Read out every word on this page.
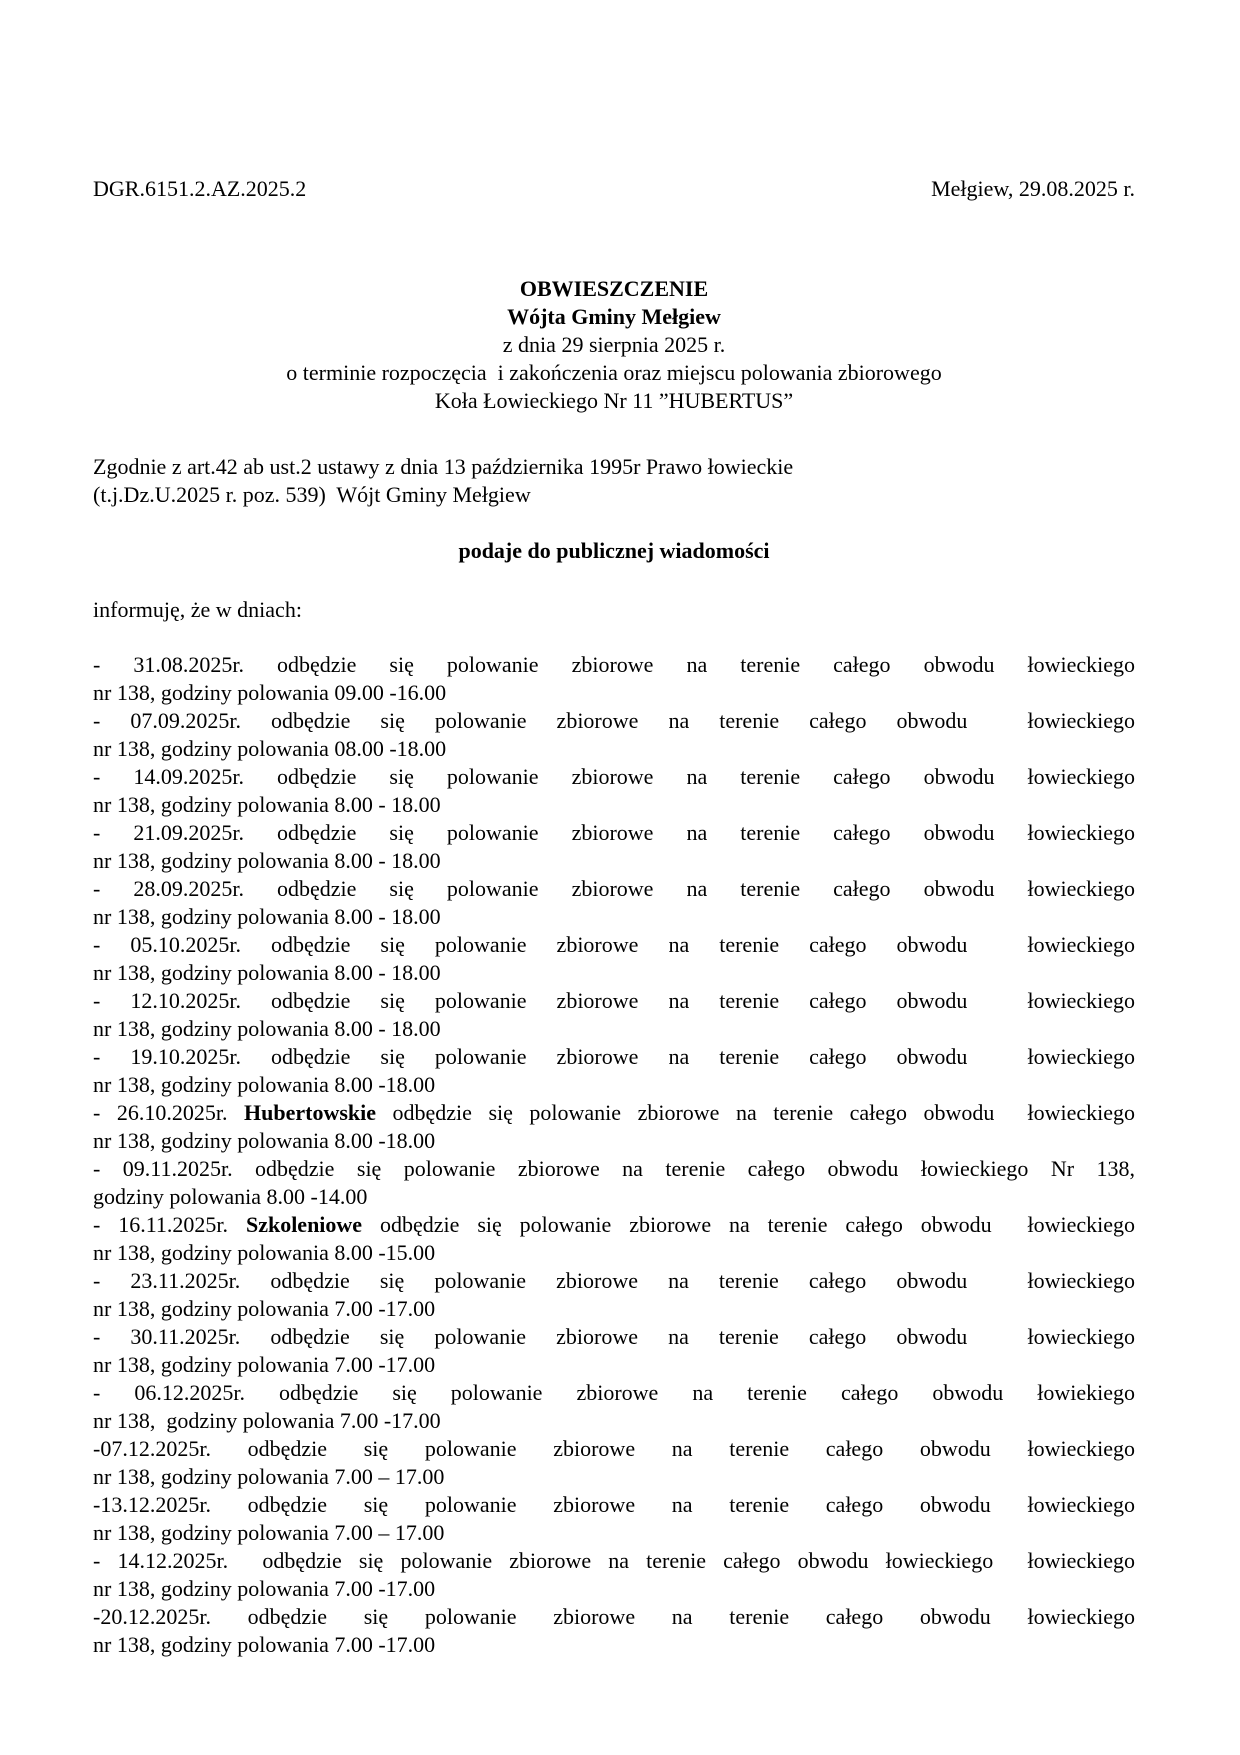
DGR.6151.2.AZ.2025.2	Mełgiew, 29.08.2025 r.

OBWIESZCZENIE

Wójta Gminy Mełgiew

z dnia 29 sierpnia 2025 r.

o terminie rozpoczęcia  i zakończenia oraz miejscu polowania zbiorowego

Koła Łowieckiego Nr 11 ”HUBERTUS”

Zgodnie z art.42 ab ust.2 ustawy z dnia 13 października 1995r Prawo łowieckie

(t.j.Dz.U.2025 r. poz. 539)  Wójt Gminy Mełgiew

podaje do publicznej wiadomości

informuję, że w dniach:

- 31.08.2025r. odbędzie się polowanie zbiorowe na terenie całego obwodu łowieckiego

nr 138, godziny polowania 09.00 -16.00

- 07.09.2025r. odbędzie się polowanie zbiorowe na terenie całego obwodu  łowieckiego

nr 138, godziny polowania 08.00 -18.00

- 14.09.2025r. odbędzie się polowanie zbiorowe na terenie całego obwodu łowieckiego

nr 138, godziny polowania 8.00 - 18.00

- 21.09.2025r. odbędzie się polowanie zbiorowe na terenie całego obwodu łowieckiego

nr 138, godziny polowania 8.00 - 18.00

- 28.09.2025r. odbędzie się polowanie zbiorowe na terenie całego obwodu łowieckiego

nr 138, godziny polowania 8.00 - 18.00

- 05.10.2025r. odbędzie się polowanie zbiorowe na terenie całego obwodu  łowieckiego

nr 138, godziny polowania 8.00 - 18.00

- 12.10.2025r. odbędzie się polowanie zbiorowe na terenie całego obwodu  łowieckiego

nr 138, godziny polowania 8.00 - 18.00

- 19.10.2025r. odbędzie się polowanie zbiorowe na terenie całego obwodu  łowieckiego

nr 138, godziny polowania 8.00 -18.00

- 26.10.2025r. Hubertowskie odbędzie się polowanie zbiorowe na terenie całego obwodu  łowieckiego

nr 138, godziny polowania 8.00 -18.00

- 09.11.2025r. odbędzie się polowanie zbiorowe na terenie całego obwodu łowieckiego Nr 138,

godziny polowania 8.00 -14.00

- 16.11.2025r. Szkoleniowe odbędzie się polowanie zbiorowe na terenie całego obwodu  łowieckiego

nr 138, godziny polowania 8.00 -15.00

- 23.11.2025r. odbędzie się polowanie zbiorowe na terenie całego obwodu  łowieckiego

nr 138, godziny polowania 7.00 -17.00

- 30.11.2025r. odbędzie się polowanie zbiorowe na terenie całego obwodu  łowieckiego

nr 138, godziny polowania 7.00 -17.00

- 06.12.2025r. odbędzie się polowanie zbiorowe na terenie całego obwodu łowiekiego

nr 138,  godziny polowania 7.00 -17.00

-07.12.2025r. odbędzie się polowanie zbiorowe na terenie całego obwodu łowieckiego

nr 138, godziny polowania 7.00 – 17.00

-13.12.2025r. odbędzie się polowanie zbiorowe na terenie całego obwodu łowieckiego

nr 138, godziny polowania 7.00 – 17.00

- 14.12.2025r.  odbędzie się polowanie zbiorowe na terenie całego obwodu łowieckiego  łowieckiego

nr 138, godziny polowania 7.00 -17.00

-20.12.2025r. odbędzie się polowanie zbiorowe na terenie całego obwodu łowieckiego

nr 138, godziny polowania 7.00 -17.00
